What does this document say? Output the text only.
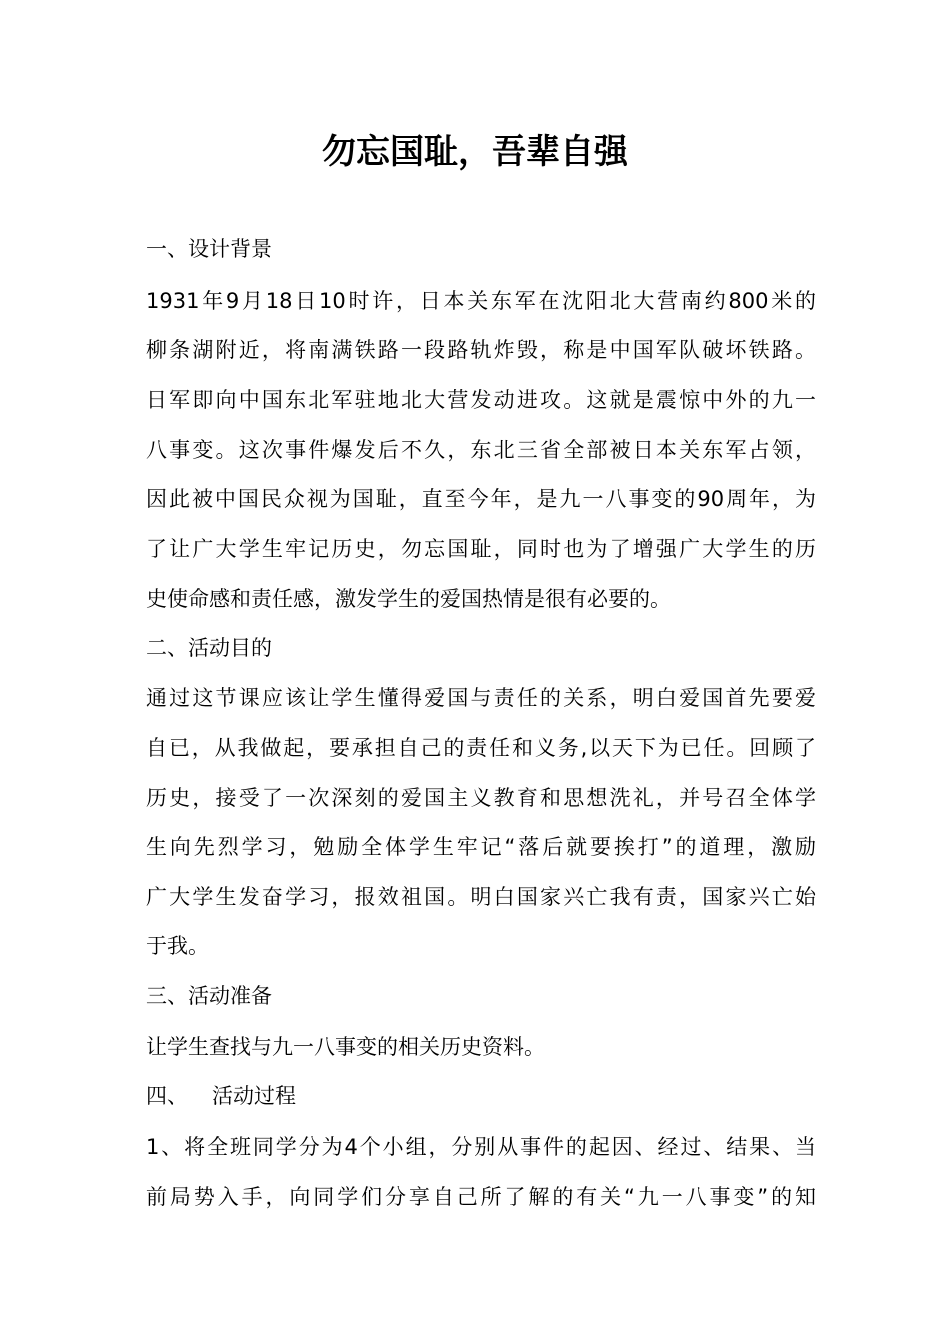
勿忘国耻，吾辈自强

一、设计背景

1931年9月18日10时许，日本关东军在沈阳北大营南约800米的

柳条湖附近，将南满铁路一段路轨炸毁，称是中国军队破坏铁路。

日军即向中国东北军驻地北大营发动进攻。这就是震惊中外的九一

八事变。这次事件爆发后不久，东北三省全部被日本关东军占领，

因此被中国民众视为国耻，直至今年，是九一八事变的90周年，为

了让广大学生牢记历史，勿忘国耻，同时也为了增强广大学生的历

史使命感和责任感，激发学生的爱国热情是很有必要的。

二、活动目的

通过这节课应该让学生懂得爱国与责任的关系，明白爱国首先要爱

自已，从我做起，要承担自己的责任和义务,以天下为已任。回顾了

历史，接受了一次深刻的爱国主义教育和思想洗礼，并号召全体学

生向先烈学习，勉励全体学生牢记“落后就要挨打”的道理，激励

广大学生发奋学习，报效祖国。明白国家兴亡我有责，国家兴亡始

于我。

三、活动准备

让学生查找与九一八事变的相关历史资料。

四、 活动过程

1、将全班同学分为4个小组，分别从事件的起因、经过、结果、当

前局势入手，向同学们分享自己所了解的有关“九一八事变”的知
